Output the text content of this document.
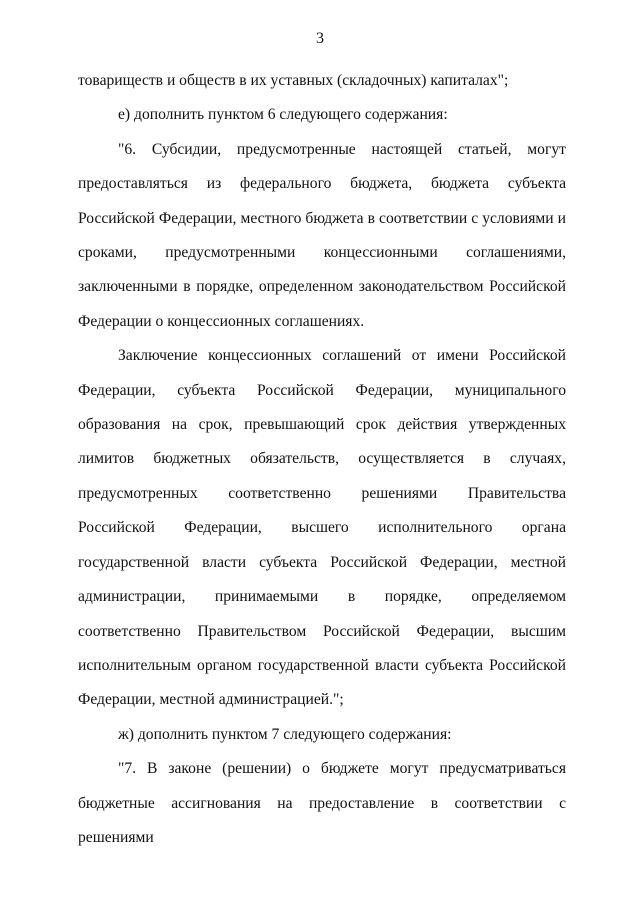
3

товариществ и обществ в их уставных (складочных) капиталах";

е) дополнить пунктом 6 следующего содержания:

"6. Субсидии, предусмотренные настоящей статьей, могут предоставляться из федерального бюджета, бюджета субъекта Российской Федерации, местного бюджета в соответствии с условиями и сроками, предусмотренными концессионными соглашениями, заключенными в порядке, определенном законодательством Российской Федерации о концессионных соглашениях.

Заключение концессионных соглашений от имени Российской Федерации, субъекта Российской Федерации, муниципального образования на срок, превышающий срок действия утвержденных лимитов бюджетных обязательств, осуществляется в случаях, предусмотренных соответственно решениями Правительства Российской Федерации, высшего исполнительного органа государственной власти субъекта Российской Федерации, местной администрации, принимаемыми в порядке, определяемом соответственно Правительством Российской Федерации, высшим исполнительным органом государственной власти субъекта Российской Федерации, местной администрацией.";

ж) дополнить пунктом 7 следующего содержания:

"7. В законе (решении) о бюджете могут предусматриваться бюджетные ассигнования на предоставление в соответствии с решениями
